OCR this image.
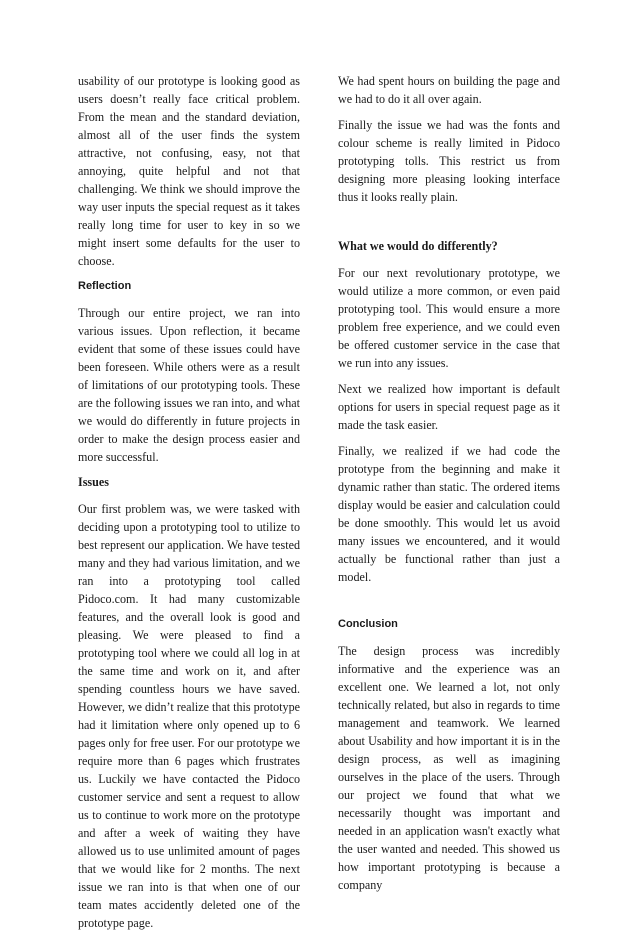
usability of our prototype is looking good as users doesn’t really face critical problem. From the mean and the standard deviation, almost all of the user finds the system attractive, not confusing, easy, not that annoying, quite helpful and not that challenging. We think we should improve the way user inputs the special request as it takes really long time for user to key in so we might insert some defaults for the user to choose.

Reflection

Through our entire project, we ran into various issues. Upon reflection, it became evident that some of these issues could have been foreseen. While others were as a result of limitations of our prototyping tools. These are the following issues we ran into, and what we would do differently in future projects in order to make the design process easier and more successful.

Issues

Our first problem was, we were tasked with deciding upon a prototyping tool to utilize to best represent our application. We have tested many and they had various limitation, and we ran into a prototyping tool called Pidoco.com. It had many customizable features, and the overall look is good and pleasing. We were pleased to find a prototyping tool where we could all log in at the same time and work on it, and after spending countless hours we have saved. However, we didn’t realize that this prototype had it limitation where only opened up to 6 pages only for free user. For our prototype we require more than 6 pages which frustrates us. Luckily we have contacted the Pidoco customer service and sent a request to allow us to continue to work more on the prototype and after a week of waiting they have allowed us to use unlimited amount of pages that we would like for 2 months. The next issue we ran into is that when one of our team mates accidently deleted one of the prototype page.

We had spent hours on building the page and we had to do it all over again.

Finally the issue we had was the fonts and colour scheme is really limited in Pidoco prototyping tolls. This restrict us from designing more pleasing looking interface thus it looks really plain.

What we would do differently?

For our next revolutionary prototype, we would utilize a more common, or even paid prototyping tool. This would ensure a more problem free experience, and we could even be offered customer service in the case that we run into any issues.

Next we realized how important is default options for users in special request page as it made the task easier.

Finally, we realized if we had code the prototype from the beginning and make it dynamic rather than static. The ordered items display would be easier and calculation could be done smoothly. This would let us avoid many issues we encountered, and it would actually be functional rather than just a model.

Conclusion

The design process was incredibly informative and the experience was an excellent one. We learned a lot, not only technically related, but also in regards to time management and teamwork. We learned about Usability and how important it is in the design process, as well as imagining ourselves in the place of the users. Through our project we found that what we necessarily thought was important and needed in an application wasn't exactly what the user wanted and needed. This showed us how important prototyping is because a company
